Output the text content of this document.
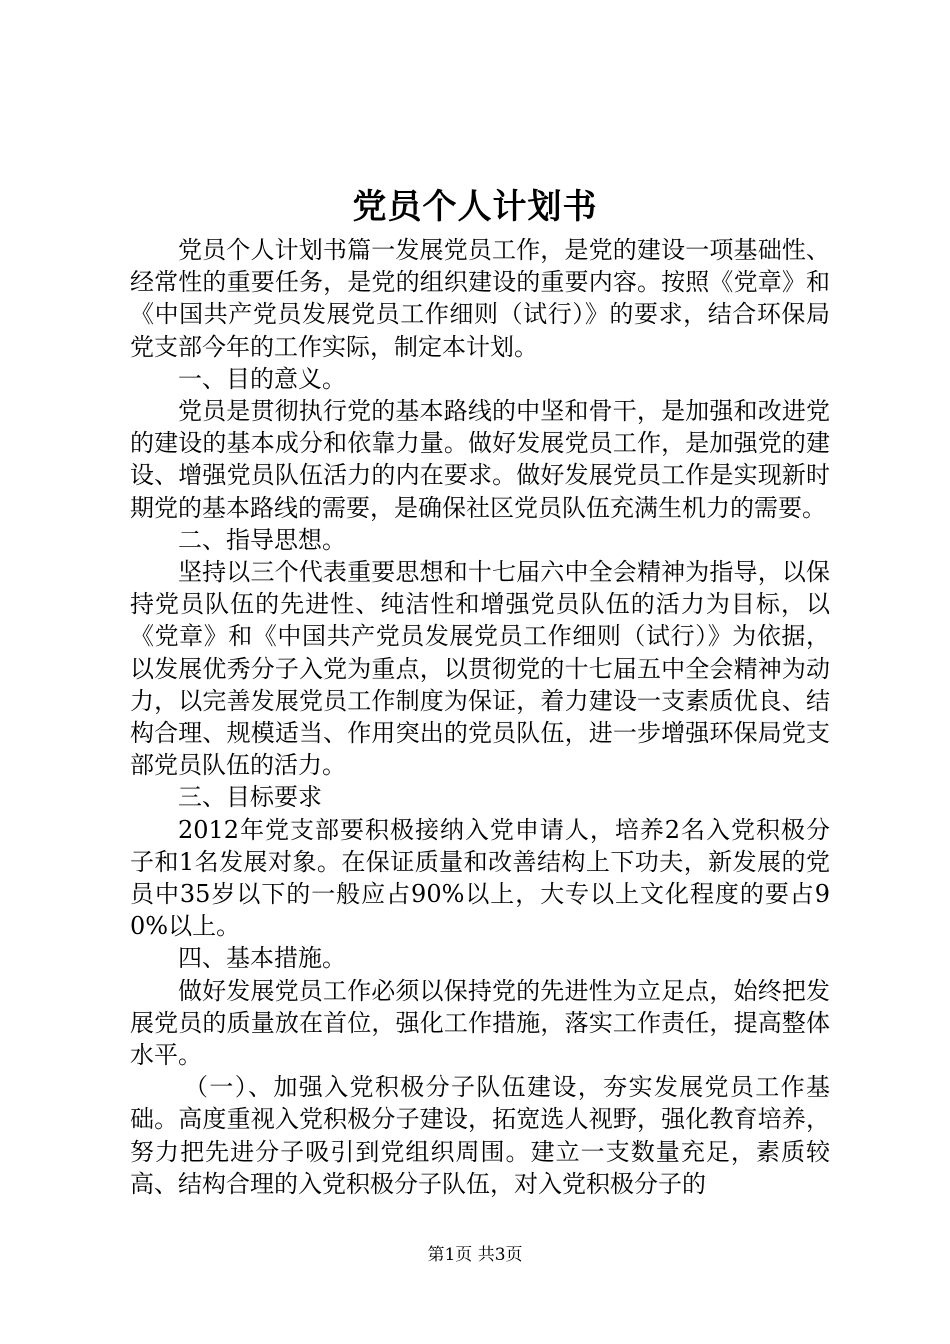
党员个人计划书

党员个人计划书篇一发展党员工作，是党的建设一项基础性、经常性的重要任务，是党的组织建设的重要内容。按照《党章》和《中国共产党员发展党员工作细则（试行）》的要求，结合环保局党支部今年的工作实际，制定本计划。

一、目的意义。

党员是贯彻执行党的基本路线的中坚和骨干，是加强和改进党的建设的基本成分和依靠力量。做好发展党员工作，是加强党的建设、增强党员队伍活力的内在要求。做好发展党员工作是实现新时期党的基本路线的需要，是确保社区党员队伍充满生机力的需要。

二、指导思想。

坚持以三个代表重要思想和十七届六中全会精神为指导，以保持党员队伍的先进性、纯洁性和增强党员队伍的活力为目标，以《党章》和《中国共产党员发展党员工作细则（试行）》为依据，以发展优秀分子入党为重点，以贯彻党的十七届五中全会精神为动力，以完善发展党员工作制度为保证，着力建设一支素质优良、结构合理、规模适当、作用突出的党员队伍，进一步增强环保局党支部党员队伍的活力。

三、目标要求

2012年党支部要积极接纳入党申请人，培养2名入党积极分子和1名发展对象。在保证质量和改善结构上下功夫，新发展的党员中35岁以下的一般应占90%以上，大专以上文化程度的要占90%以上。

四、基本措施。

做好发展党员工作必须以保持党的先进性为立足点，始终把发展党员的质量放在首位，强化工作措施，落实工作责任，提高整体水平。

（一）、加强入党积极分子队伍建设，夯实发展党员工作基础。高度重视入党积极分子建设，拓宽选人视野，强化教育培养，努力把先进分子吸引到党组织周围。建立一支数量充足，素质较高、结构合理的入党积极分子队伍，对入党积极分子的

第1页 共3页
